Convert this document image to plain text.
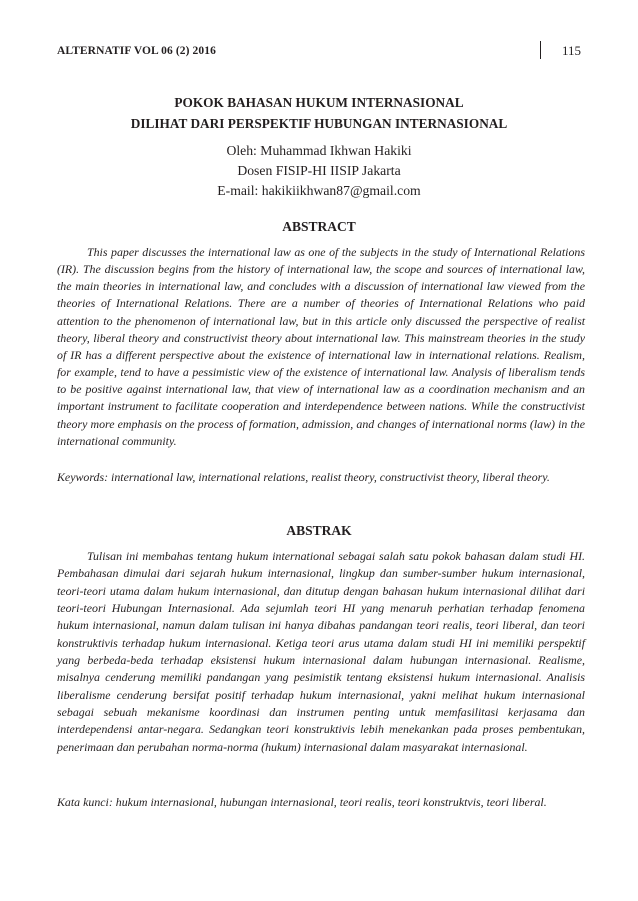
ALTERNATIF VOL 06 (2) 2016	115
POKOK BAHASAN HUKUM INTERNASIONAL
DILIHAT DARI PERSPEKTIF HUBUNGAN INTERNASIONAL
Oleh: Muhammad Ikhwan Hakiki
Dosen FISIP-HI IISIP Jakarta
E-mail: hakikiikhwan87@gmail.com
ABSTRACT
This paper discusses the international law as one of the subjects in the study of International Relations (IR). The discussion begins from the history of international law, the scope and sources of international law, the main theories in international law, and concludes with a discussion of international law viewed from the theories of International Relations. There are a number of theories of International Relations who paid attention to the phenomenon of international law, but in this article only discussed the perspective of realist theory, liberal theory and constructivist theory about international law. This mainstream theories in the study of IR has a different perspective about the existence of international law in international relations. Realism, for example, tend to have a pessimistic view of the existence of international law. Analysis of liberalism tends to be positive against international law, that view of international law as a coordination mechanism and an important instrument to facilitate cooperation and interdependence between nations. While the constructivist theory more emphasis on the process of formation, admission, and changes of international norms (law) in the international community.
Keywords: international law, international relations, realist theory, constructivist theory, liberal theory.
ABSTRAK
Tulisan ini membahas tentang hukum international sebagai salah satu pokok bahasan dalam studi HI. Pembahasan dimulai dari sejarah hukum internasional, lingkup dan sumber-sumber hukum internasional, teori-teori utama dalam hukum internasional, dan ditutup dengan bahasan hukum internasional dilihat dari teori-teori Hubungan Internasional. Ada sejumlah teori HI yang menaruh perhatian terhadap fenomena hukum internasional, namun dalam tulisan ini hanya dibahas pandangan teori realis, teori liberal, dan teori konstruktivis terhadap hukum internasional. Ketiga teori arus utama dalam studi HI ini memiliki perspektif yang berbeda-beda terhadap eksistensi hukum internasional dalam hubungan internasional. Realisme, misalnya cenderung memiliki pandangan yang pesimistik tentang eksistensi hukum internasional. Analisis liberalisme cenderung bersifat positif terhadap hukum internasional, yakni melihat hukum internasional sebagai sebuah mekanisme koordinasi dan instrumen penting untuk memfasilitasi kerjasama dan interdependensi antar-negara. Sedangkan teori konstruktivis lebih menekankan pada proses pembentukan, penerimaan dan perubahan norma-norma (hukum) internasional dalam masyarakat internasional.
Kata kunci: hukum internasional, hubungan internasional, teori realis, teori konstruktvis, teori liberal.
